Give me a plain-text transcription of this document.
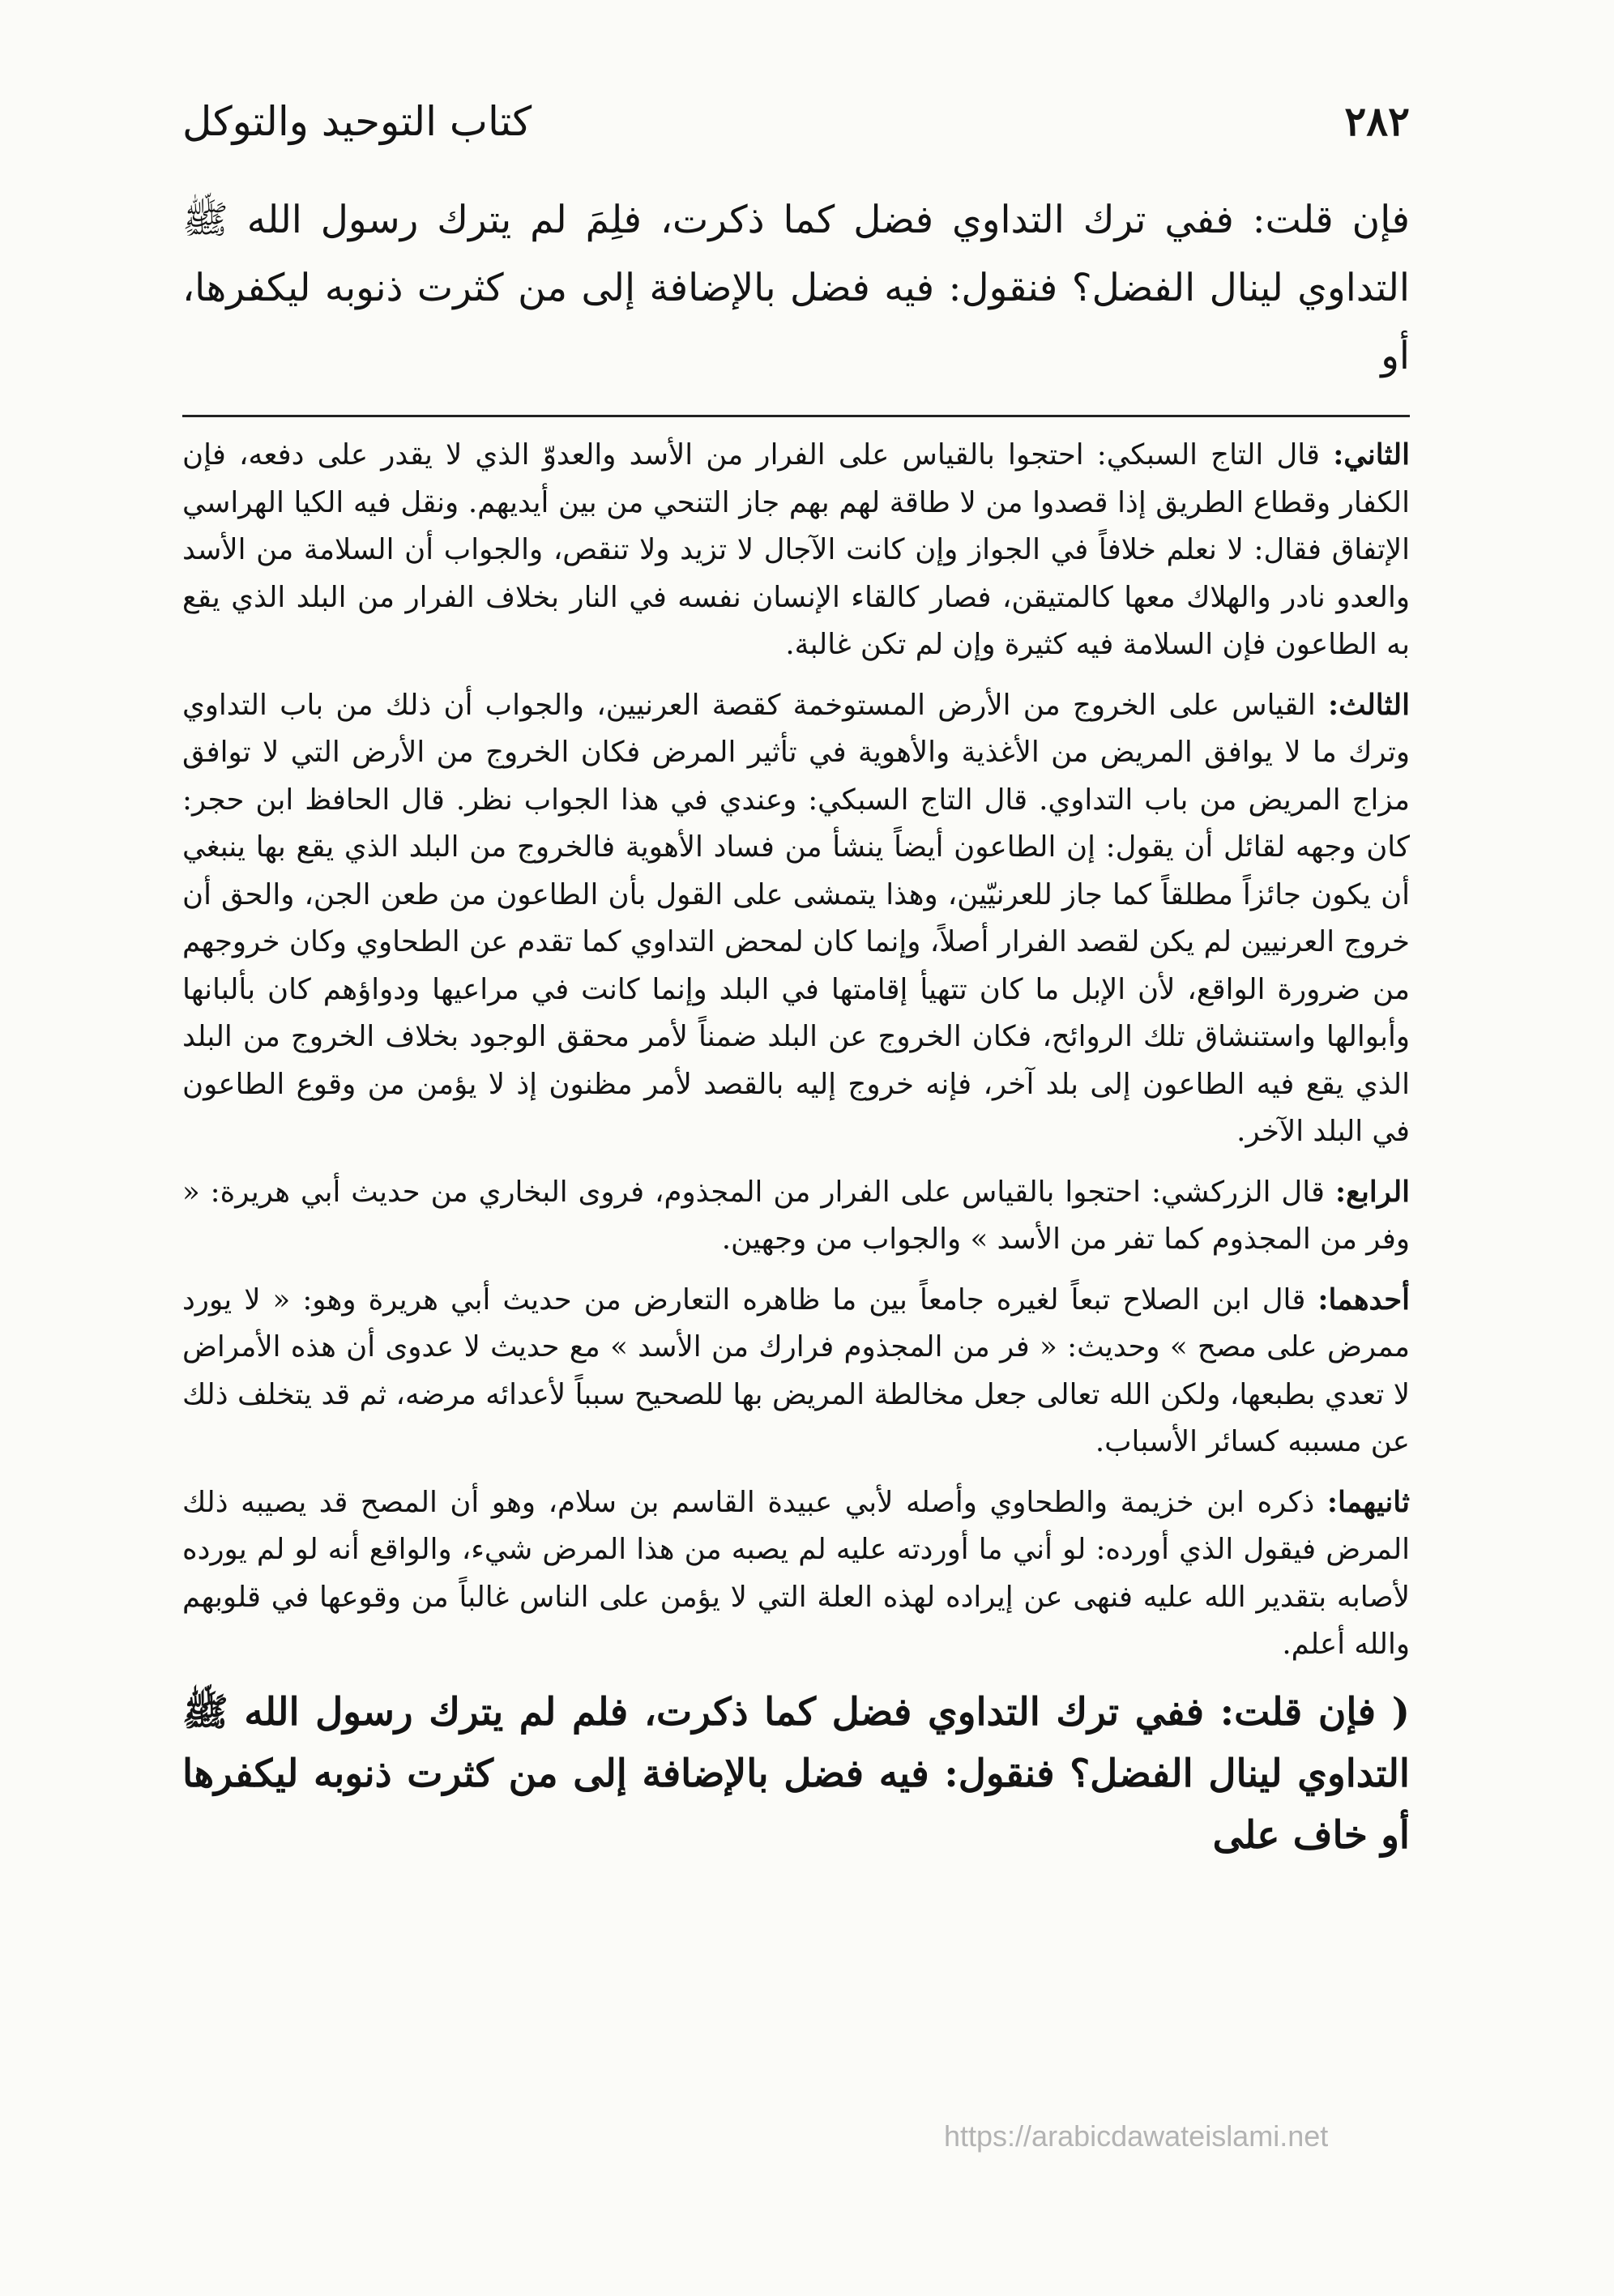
٢٨٢
كتاب التوحيد والتوكل

فإن قلت: ففي ترك التداوي فضل كما ذكرت، فلِمَ لم يترك رسول الله ﷺ التداوي لينال الفضل؟ فنقول: فيه فضل بالإضافة إلى من كثرت ذنوبه ليكفرها، أو

الثاني: قال التاج السبكي: احتجوا بالقياس على الفرار من الأسد والعدوّ الذي لا يقدر على دفعه، فإن الكفار وقطاع الطريق إذا قصدوا من لا طاقة لهم بهم جاز التنحي من بين أيديهم. ونقل فيه الكيا الهراسي الإتفاق فقال: لا نعلم خلافاً في الجواز وإن كانت الآجال لا تزيد ولا تنقص، والجواب أن السلامة من الأسد والعدو نادر والهلاك معها كالمتيقن، فصار كالقاء الإنسان نفسه في النار بخلاف الفرار من البلد الذي يقع به الطاعون فإن السلامة فيه كثيرة وإن لم تكن غالبة.

الثالث: القياس على الخروج من الأرض المستوخمة كقصة العرنيين، والجواب أن ذلك من باب التداوي وترك ما لا يوافق المريض من الأغذية والأهوية في تأثير المرض فكان الخروج من الأرض التي لا توافق مزاج المريض من باب التداوي. قال التاج السبكي: وعندي في هذا الجواب نظر. قال الحافظ ابن حجر: كان وجهه لقائل أن يقول: إن الطاعون أيضاً ينشأ من فساد الأهوية فالخروج من البلد الذي يقع بها ينبغي أن يكون جائزاً مطلقاً كما جاز للعرنيّين، وهذا يتمشى على القول بأن الطاعون من طعن الجن، والحق أن خروج العرنيين لم يكن لقصد الفرار أصلاً، وإنما كان لمحض التداوي كما تقدم عن الطحاوي وكان خروجهم من ضرورة الواقع، لأن الإبل ما كان تتهيأ إقامتها في البلد وإنما كانت في مراعيها ودواؤهم كان بألبانها وأبوالها واستنشاق تلك الروائح، فكان الخروج عن البلد ضمناً لأمر محقق الوجود بخلاف الخروج من البلد الذي يقع فيه الطاعون إلى بلد آخر، فإنه خروج إليه بالقصد لأمر مظنون إذ لا يؤمن من وقوع الطاعون في البلد الآخر.

الرابع: قال الزركشي: احتجوا بالقياس على الفرار من المجذوم، فروى البخاري من حديث أبي هريرة: « وفر من المجذوم كما تفر من الأسد » والجواب من وجهين.

أحدهما: قال ابن الصلاح تبعاً لغيره جامعاً بين ما ظاهره التعارض من حديث أبي هريرة وهو: « لا يورد ممرض على مصح » وحديث: « فر من المجذوم فرارك من الأسد » مع حديث لا عدوى أن هذه الأمراض لا تعدي بطبعها، ولكن الله تعالى جعل مخالطة المريض بها للصحيح سبباً لأعدائه مرضه، ثم قد يتخلف ذلك عن مسببه كسائر الأسباب.

ثانيهما: ذكره ابن خزيمة والطحاوي وأصله لأبي عبيدة القاسم بن سلام، وهو أن المصح قد يصيبه ذلك المرض فيقول الذي أورده: لو أني ما أوردته عليه لم يصبه من هذا المرض شيء، والواقع أنه لو لم يورده لأصابه بتقدير الله عليه فنهى عن إيراده لهذه العلة التي لا يؤمن على الناس غالباً من وقوعها في قلوبهم والله أعلم.

( فإن قلت: ففي ترك التداوي فضل كما ذكرت، فلم لم يترك رسول الله ﷺ التداوي لينال الفضل؟ فنقول: فيه فضل بالإضافة إلى من كثرت ذنوبه ليكفرها أو خاف على

https://arabicdawateislami.net
